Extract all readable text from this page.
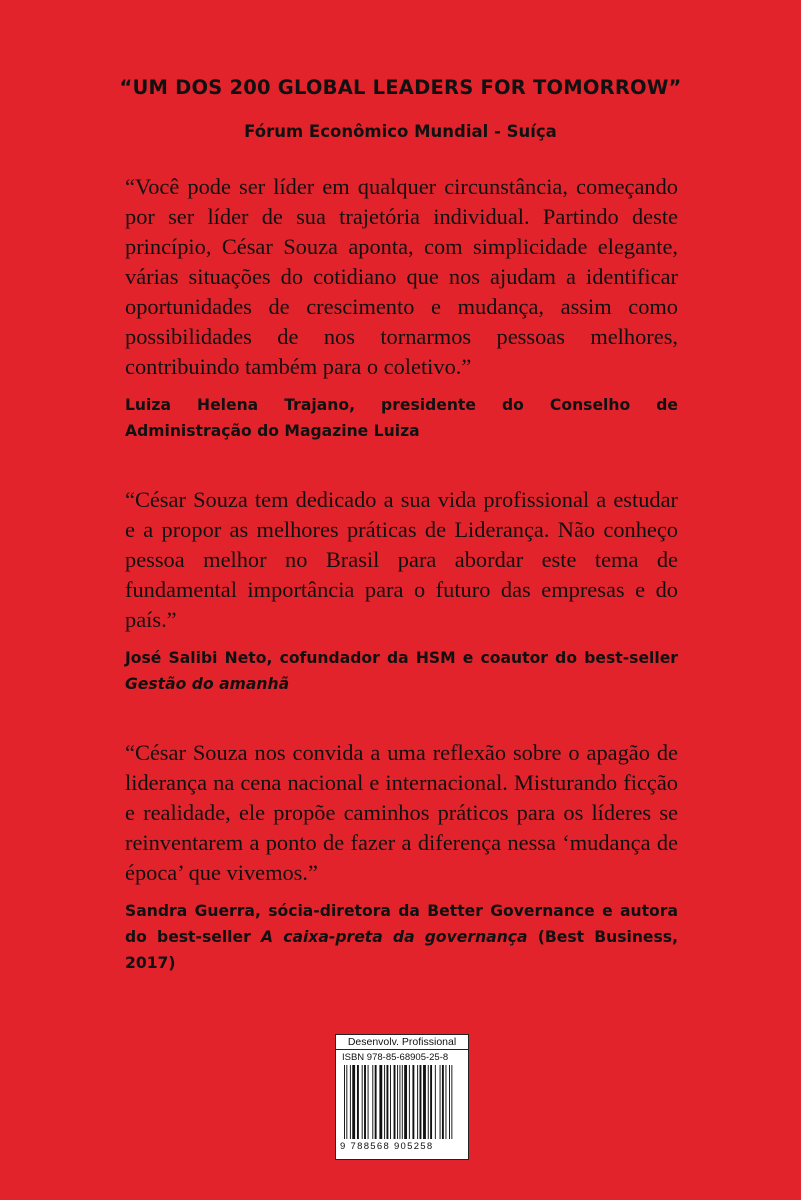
“UM DOS 200 GLOBAL LEADERS FOR TOMORROW”

Fórum Econômico Mundial - Suíça

“Você pode ser líder em qualquer circunstância, começando por ser líder de sua trajetória individual. Partindo deste princípio, César Souza aponta, com simplicidade elegante, várias situações do cotidiano que nos ajudam a identificar oportunidades de crescimento e mudança, assim como possibilidades de nos tornarmos pessoas melhores, contribuindo também para o coletivo.”

Luiza Helena Trajano, presidente do Conselho de Administração do Magazine Luiza

“César Souza tem dedicado a sua vida profissional a estudar e a propor as melhores práticas de Liderança. Não conheço pessoa melhor no Brasil para abordar este tema de fundamental importância para o futuro das empresas e do país.”

José Salibi Neto, cofundador da HSM e coautor do best-seller Gestão do amanhã

“César Souza nos convida a uma reflexão sobre o apagão de liderança na cena nacional e internacional. Misturando ficção e realidade, ele propõe caminhos práticos para os líderes se reinventarem a ponto de fazer a diferença nessa ‘mudança de época’ que vivemos.”

Sandra Guerra, sócia-diretora da Better Governance e autora do best-seller A caixa-preta da governança (Best Business, 2017)

Desenvolv. Profissional
ISBN 978-85-68905-25-8
9 788568 905258
